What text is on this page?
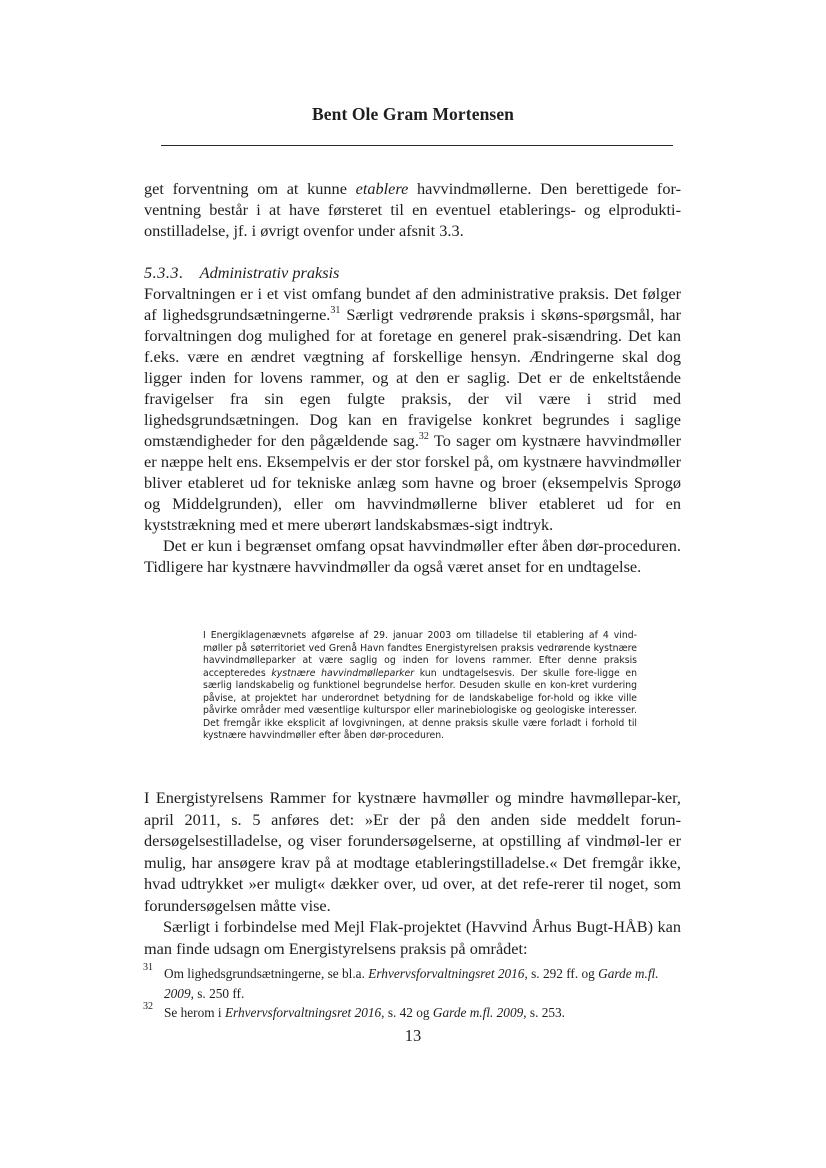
Bent Ole Gram Mortensen

get forventning om at kunne etablere havvindmøllerne. Den berettigede for-ventning består i at have førsteret til en eventuel etablerings- og elprodukti-onstilladelse, jf. i øvrigt ovenfor under afsnit 3.3.

5.3.3. Administrativ praksis

Forvaltningen er i et vist omfang bundet af den administrative praksis. Det følger af lighedsgrundsætningerne.$^{31}$ Særligt vedrørende praksis i skøns-spørgsmål, har forvaltningen dog mulighed for at foretage en generel prak-sisændring. Det kan f.eks. være en ændret vægtning af forskellige hensyn. Ændringerne skal dog ligger inden for lovens rammer, og at den er saglig. Det er de enkeltstående fravigelser fra sin egen fulgte praksis, der vil være i strid med lighedsgrundsætningen. Dog kan en fravigelse konkret begrundes i saglige omstændigheder for den pågældende sag.$^{32}$ To sager om kystnære havvindmøller er næppe helt ens. Eksempelvis er der stor forskel på, om kystnære havvindmøller bliver etableret ud for tekniske anlæg som havne og broer (eksempelvis Sprogø og Middelgrunden), eller om havvindmøllerne bliver etableret ud for en kyststrækning med et mere uberørt landskabsmæs-sigt indtryk.

Det er kun i begrænset omfang opsat havvindmøller efter åben dør-proceduren. Tidligere har kystnære havvindmøller da også været anset for en undtagelse.

I Energiklagenævnets afgørelse af 29. januar 2003 om tilladelse til etablering af 4 vind-møller på søterritoriet ved Grenå Havn fandtes Energistyrelsen praksis vedrørende kystnære havvindmølleparker at være saglig og inden for lovens rammer. Efter denne praksis accepteredes kystnære havvindmølleparker kun undtagelsesvis. Der skulle fore-ligge en særlig landskabelig og funktionel begrundelse herfor. Desuden skulle en kon-kret vurdering påvise, at projektet har underordnet betydning for de landskabelige for-hold og ikke ville påvirke områder med væsentlige kulturspor eller marinebiologiske og geologiske interesser. Det fremgår ikke eksplicit af lovgivningen, at denne praksis skulle være forladt i forhold til kystnære havvindmøller efter åben dør-proceduren.

I Energistyrelsens Rammer for kystnære havmøller og mindre havmøllepar-ker, april 2011, s. 5 anføres det: »Er der på den anden side meddelt forun-dersøgelsestilladelse, og viser forundersøgelserne, at opstilling af vindmøl-ler er mulig, har ansøgere krav på at modtage etableringstilladelse.« Det fremgår ikke, hvad udtrykket »er muligt« dækker over, ud over, at det refe-rerer til noget, som forundersøgelsen måtte vise.

Særligt i forbindelse med Mejl Flak-projektet (Havvind Århus Bugt-HÅB) kan man finde udsagn om Energistyrelsens praksis på området:

31 Om lighedsgrundsætningerne, se bl.a. Erhvervsforvaltningsret 2016, s. 292 ff. og Garde m.fl. 2009, s. 250 ff.
32 Se herom i Erhvervsforvaltningsret 2016, s. 42 og Garde m.fl. 2009, s. 253.
13
